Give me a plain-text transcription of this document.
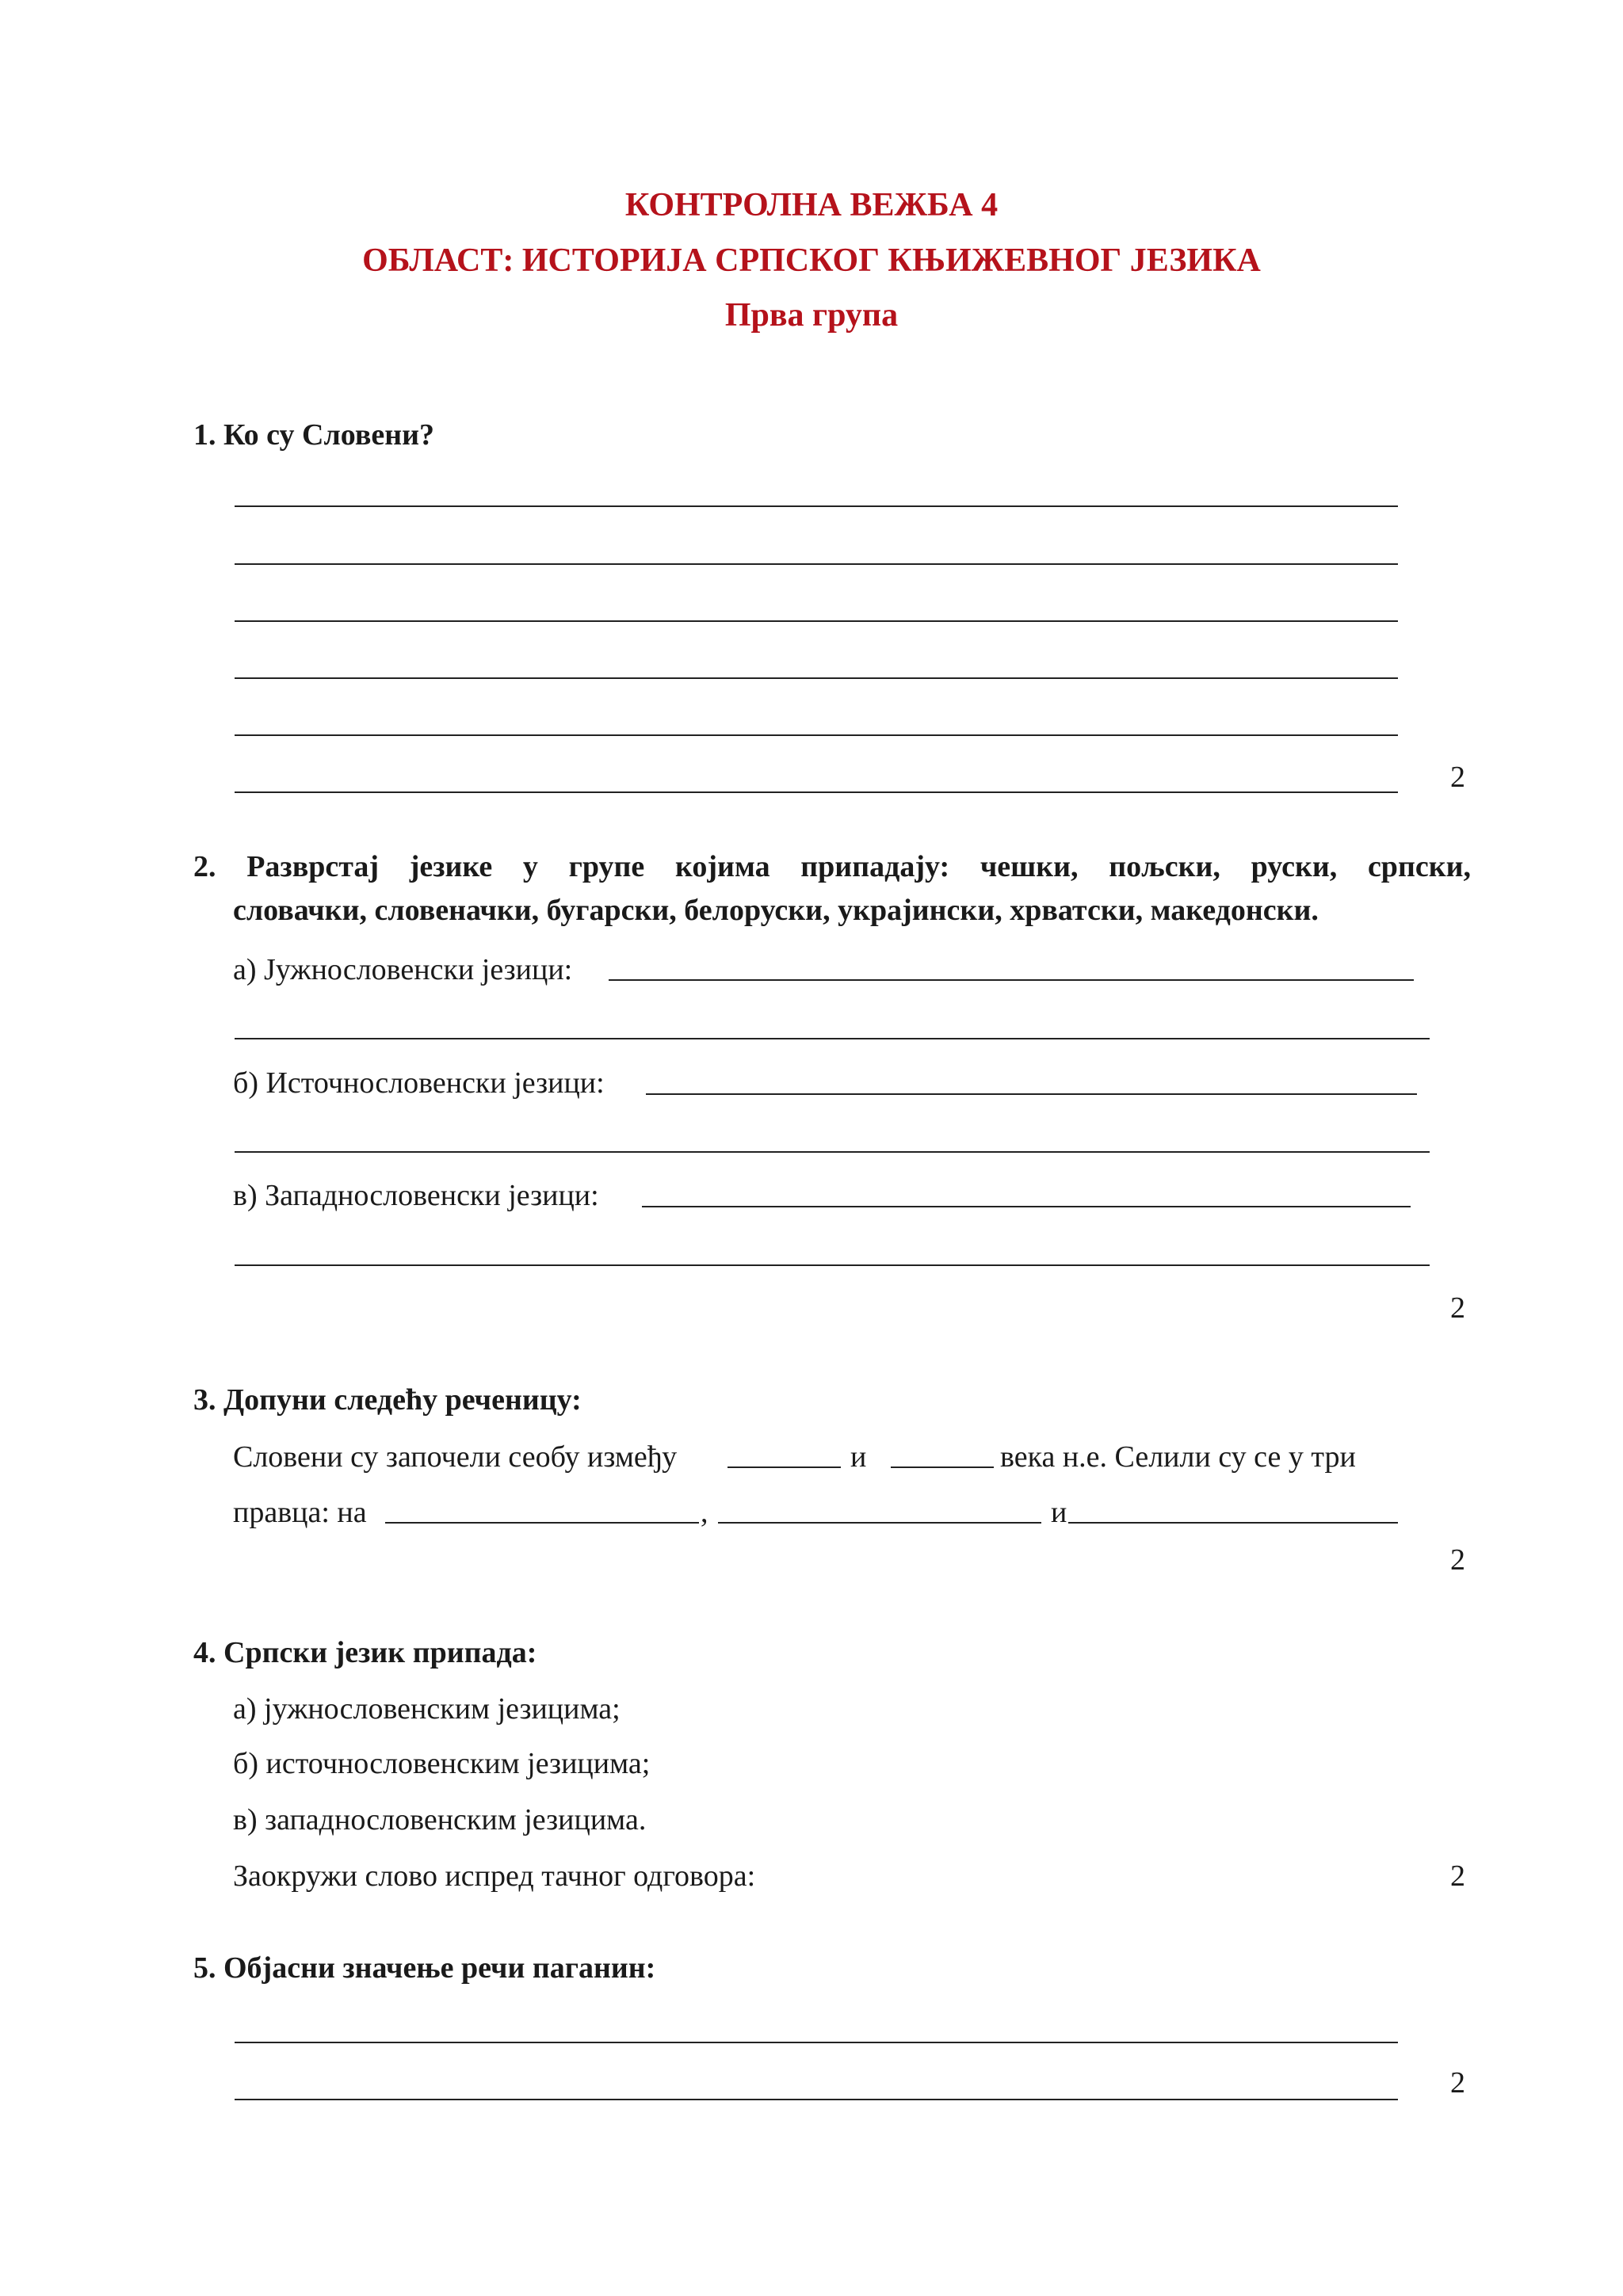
КОНТРОЛНА ВЕЖБА 4
ОБЛАСТ: ИСТОРИЈА СРПСКОГ КЊИЖЕВНОГ ЈЕЗИКА
Прва група
1. Ко су Словени?
2
2. Разврстај језике у групе којима припадају: чешки, пољски, руски, српски,
словачки, словеначки, бугарски, белоруски, украјински, хрватски, македонски.
а) Јужнословенски језици:
б) Источнословенски језици:
в) Западнословенски језици:
2
3. Допуни следећу реченицу:
Словени су започели сеобу између	и	века н.е. Селили су се у три
правца: на	,	и
2
4. Српски језик припада:
а) јужнословенским језицима;
б) источнословенским језицима;
в) западнословенским језицима.
Заокружи слово испред тачног одговора:	2
5. Објасни значење речи паганин:
2
